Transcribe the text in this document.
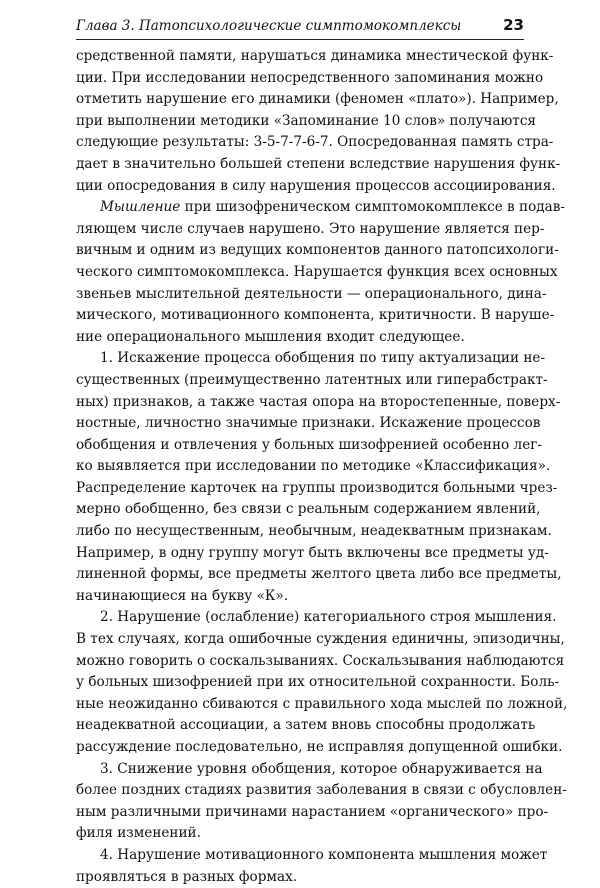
Глава 3. Патопсихологические симптомокомплексы	23

средственной памяти, нарушаться динамика мнестической функ-
ции. При исследовании непосредственного запоминания можно
отметить нарушение его динамики (феномен «плато»). Например,
при выполнении методики «Запоминание 10 слов» получаются
следующие результаты: 3-5-7-7-6-7. Опосредованная память стра-
дает в значительно большей степени вследствие нарушения функ-
ции опосредования в силу нарушения процессов ассоциирования.

Мышление при шизофреническом симптомокомплексе в подав-
ляющем числе случаев нарушено. Это нарушение является пер-
вичным и одним из ведущих компонентов данного патопсихологи-
ческого симптомокомплекса. Нарушается функция всех основных
звеньев мыслительной деятельности — операционального, дина-
мического, мотивационного компонента, критичности. В наруше-
ние операционального мышления входит следующее.

1. Искажение процесса обобщения по типу актуализации не-
существенных (преимущественно латентных или гиперабстракт-
ных) признаков, а также частая опора на второстепенные, поверх-
ностные, личностно значимые признаки. Искажение процессов
обобщения и отвлечения у больных шизофренией особенно лег-
ко выявляется при исследовании по методике «Классификация».
Распределение карточек на группы производится больными чрез-
мерно обобщенно, без связи с реальным содержанием явлений,
либо по несущественным, необычным, неадекватным признакам.
Например, в одну группу могут быть включены все предметы уд-
линенной формы, все предметы желтого цвета либо все предметы,
начинающиеся на букву «К».

2. Нарушение (ослабление) категориального строя мышления.
В тех случаях, когда ошибочные суждения единичны, эпизодичны,
можно говорить о соскальзываниях. Соскальзывания наблюдаются
у больных шизофренией при их относительной сохранности. Боль-
ные неожиданно сбиваются с правильного хода мыслей по ложной,
неадекватной ассоциации, а затем вновь способны продолжать
рассуждение последовательно, не исправляя допущенной ошибки.

3. Снижение уровня обобщения, которое обнаруживается на
более поздних стадиях развития заболевания в связи с обусловлен-
ным различными причинами нарастанием «органического» про-
филя изменений.

4. Нарушение мотивационного компонента мышления может
проявляться в разных формах.
